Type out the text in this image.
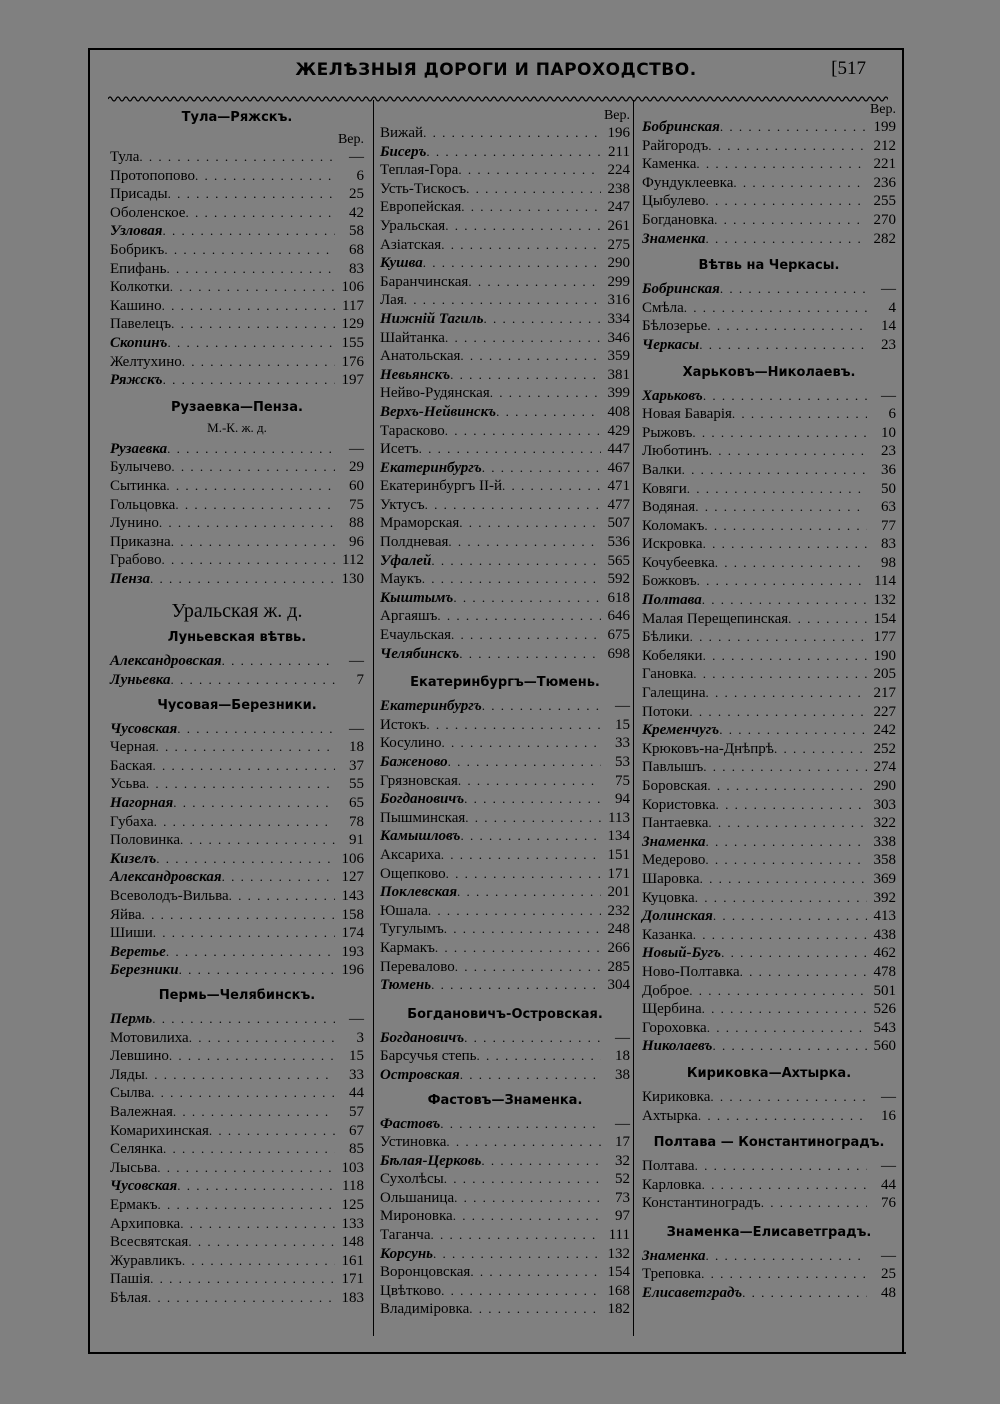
ЖЕЛѢЗНЫЯ ДОРОГИ И ПАРОХОДСТВО.	[517
Тула—Ряжскъ.
Вер.
Тула . . .	—
Протопопово . . .	6
Присады . . .	25
Оболенское . . .	42
Узловая . . .	58
Бобрикъ . . .	68
Епифань . . .	83
Колкотки . . .	106
Кашино . . .	117
Павелецъ . . .	129
Скопинъ . . .	155
Желтухино . . .	176
Ряжскъ . . .	197
Рузаевка—Пенза.
М.-К. ж. д.
Рузаевка . . .	—
Булычево . . .	29
Сытинка . . .	60
Гольцовка . . .	75
Лунино . . .	88
Приказна . . .	96
Грабово . . .	112
Пенза . . .	130
Уральская ж. д.
Луньевская вѣтвь.
Александровская . . .	—
Луньевка . . .	7
Чусовая—Березники.
Чусовская . . .	—
Черная . . .	18
Баская . . .	37
Усьва . . .	55
Нагорная . . .	65
Губаха . . .	78
Половинка . . .	91
Кизелъ . . .	106
Александровская . . .	127
Всеволодъ-Вильва . . .	143
Яйва . . .	158
Шиши . . .	174
Веретье . . .	193
Березники . . .	196
Пермь—Челябинскъ.
Пермь . . .	—
Мотовилиха . . .	3
Левшино . . .	15
Ляды . . .	33
Сылва . . .	44
Валежная . . .	57
Комарихинская . . .	67
Селянка . . .	85
Лысьва . . .	103
Чусовская . . .	118
Ермакъ . . .	125
Архиповка . . .	133
Всесвятская . . .	148
Журавликъ . . .	161
Пашія . . .	171
Бѣлая . . .	183
Вер.
Вижай . . .	196
Бисеръ . . .	211
Теплая-Гора . . .	224
Усть-Тискосъ . . .	238
Европейская . . .	247
Уральская . . .	261
Азіатская . . .	275
Кушва . . .	290
Баранчинская . . .	299
Лая . . .	316
Нижній Тагиль . . .	334
Шайтанка . . .	346
Анатольская . . .	359
Невьянскъ . . .	381
Нейво-Рудянская . . .	399
Верхъ-Нейвинскъ . . .	408
Тарасково . . .	429
Исетъ . . .	447
Екатеринбургъ . . .	467
Екатеринбургъ II-й . . .	471
Уктусъ . . .	477
Мраморская . . .	507
Полдневая . . .	536
Уфалей . . .	565
Маукъ . . .	592
Кыштымъ . . .	618
Аргаяшъ . . .	646
Ечаульская . . .	675
Челябинскъ . . .	698
Екатеринбургъ—Тюмень.
Екатеринбургъ . . .	—
Истокъ . . .	15
Косулино . . .	33
Баженово . . .	53
Грязновская . . .	75
Богдановичъ . . .	94
Пышминская . . .	113
Камышловъ . . .	134
Аксариха . . .	151
Ощепково . . .	171
Поклевская . . .	201
Юшала . . .	232
Тугулымъ . . .	248
Кармакъ . . .	266
Перевалово . . .	285
Тюмень . . .	304
Богдановичъ-Островская.
Богдановичъ . . .	—
Барсучья степь . . .	18
Островская . . .	38
Фастовъ—Знаменка.
Фастовъ . . .	—
Устиновка . . .	17
Бѣлая-Церковь . . .	32
Сухолѣсы . . .	52
Ольшаница . . .	73
Мироновка . . .	97
Таганча . . .	111
Корсунь . . .	132
Воронцовская . . .	154
Цвѣтково . . .	168
Владиміровка . . .	182
Вер.
Бобринская . . .	199
Райгородъ . . .	212
Каменка . . .	221
Фундуклеевка . . .	236
Цыбулево . . .	255
Богдановка . . .	270
Знаменка . . .	282
Вѣтвь на Черкасы.
Бобринская . . .	—
Смѣла . . .	4
Бѣлозерье . . .	14
Черкасы . . .	23
Харьковъ—Николаевъ.
Харьковъ . . .	—
Новая Баварія . . .	6
Рыжовъ . . .	10
Люботинъ . . .	23
Валки . . .	36
Ковяги . . .	50
Водяная . . .	63
Коломакъ . . .	77
Искровка . . .	83
Кочубеевка . . .	98
Божковъ . . .	114
Полтава . . .	132
Малая Перещепинская . . .	154
Бѣлики . . .	177
Кобеляки . . .	190
Гановка . . .	205
Галещина . . .	217
Потоки . . .	227
Кременчугъ . . .	242
Крюковъ-на-Днѣпрѣ . . .	252
Павлышъ . . .	274
Боровская . . .	290
Кориcтовка . . .	303
Пантаевка . . .	322
Знаменка . . .	338
Медерово . . .	358
Шаровка . . .	369
Куцовка . . .	392
Долинская . . .	413
Казанка . . .	438
Новый-Бугъ . . .	462
Ново-Полтавка . . .	478
Доброе . . .	501
Щербина . . .	526
Гороховка . . .	543
Николаевъ . . .	560
Кириковка—Ахтырка.
Кириковка . . .	—
Ахтырка . . .	16
Полтава — Константиноградъ.
Полтава . . .	—
Карловка . . .	44
Константиноградъ . . .	76
Знаменка—Елисаветградъ.
Знаменка . . .	—
Треповка . . .	25
Елисаветградъ . . .	48
